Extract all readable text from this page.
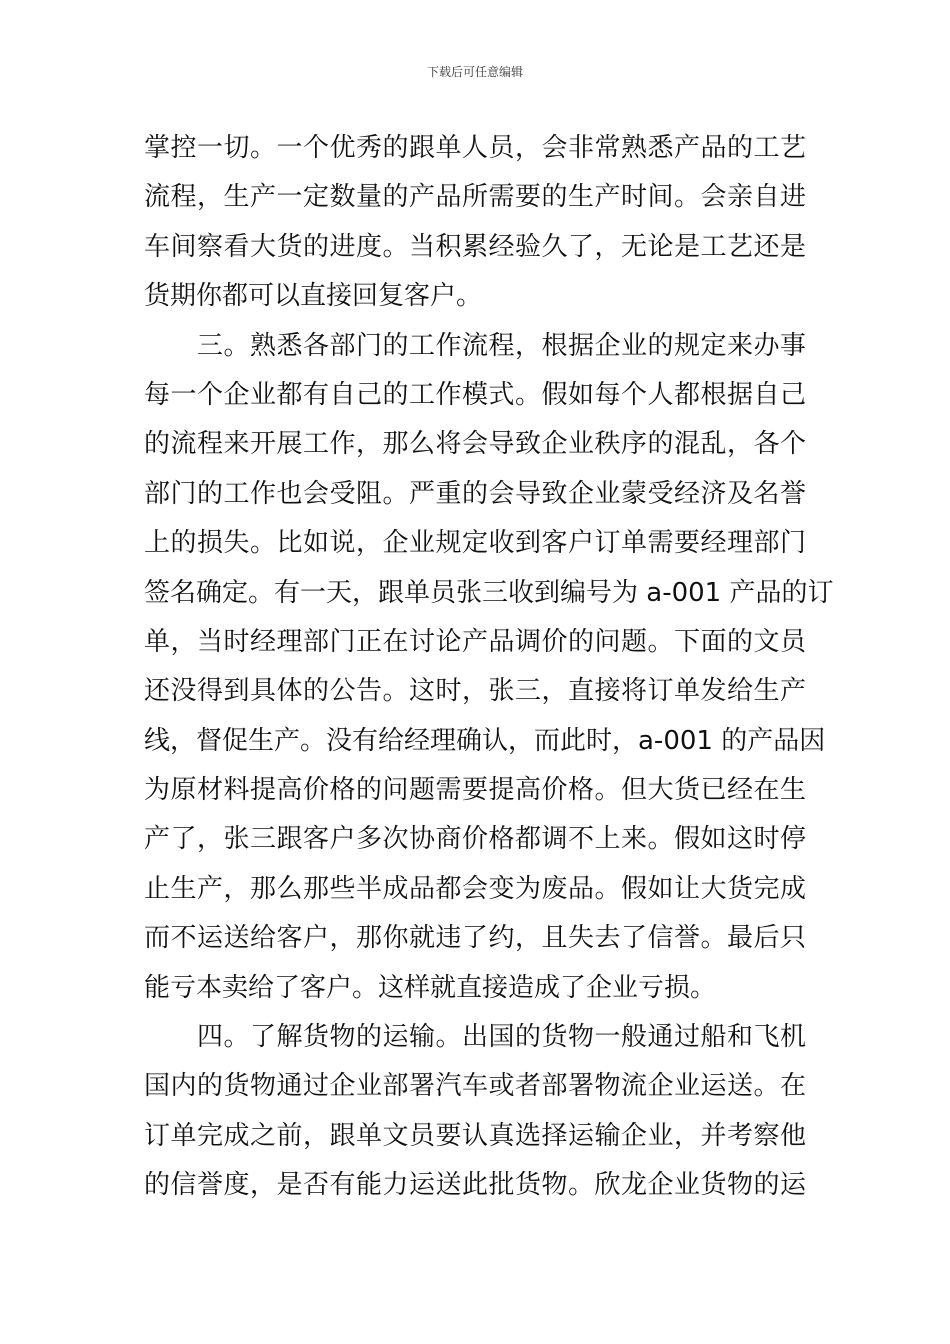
下载后可任意编辑
掌控一切。一个优秀的跟单人员，会非常熟悉产品的工艺
流程，生产一定数量的产品所需要的生产时间。会亲自进
车间察看大货的进度。当积累经验久了，无论是工艺还是
货期你都可以直接回复客户。
　　三。熟悉各部门的工作流程，根据企业的规定来办事
每一个企业都有自己的工作模式。假如每个人都根据自己
的流程来开展工作，那么将会导致企业秩序的混乱，各个
部门的工作也会受阻。严重的会导致企业蒙受经济及名誉
上的损失。比如说，企业规定收到客户订单需要经理部门
签名确定。有一天，跟单员张三收到编号为 a-001 产品的订
单，当时经理部门正在讨论产品调价的问题。下面的文员
还没得到具体的公告。这时，张三，直接将订单发给生产
线，督促生产。没有给经理确认，而此时，a-001 的产品因
为原材料提高价格的问题需要提高价格。但大货已经在生
产了，张三跟客户多次协商价格都调不上来。假如这时停
止生产，那么那些半成品都会变为废品。假如让大货完成
而不运送给客户，那你就违了约，且失去了信誉。最后只
能亏本卖给了客户。这样就直接造成了企业亏损。
　　四。了解货物的运输。出国的货物一般通过船和飞机
国内的货物通过企业部署汽车或者部署物流企业运送。在
订单完成之前，跟单文员要认真选择运输企业，并考察他
的信誉度，是否有能力运送此批货物。欣龙企业货物的运
